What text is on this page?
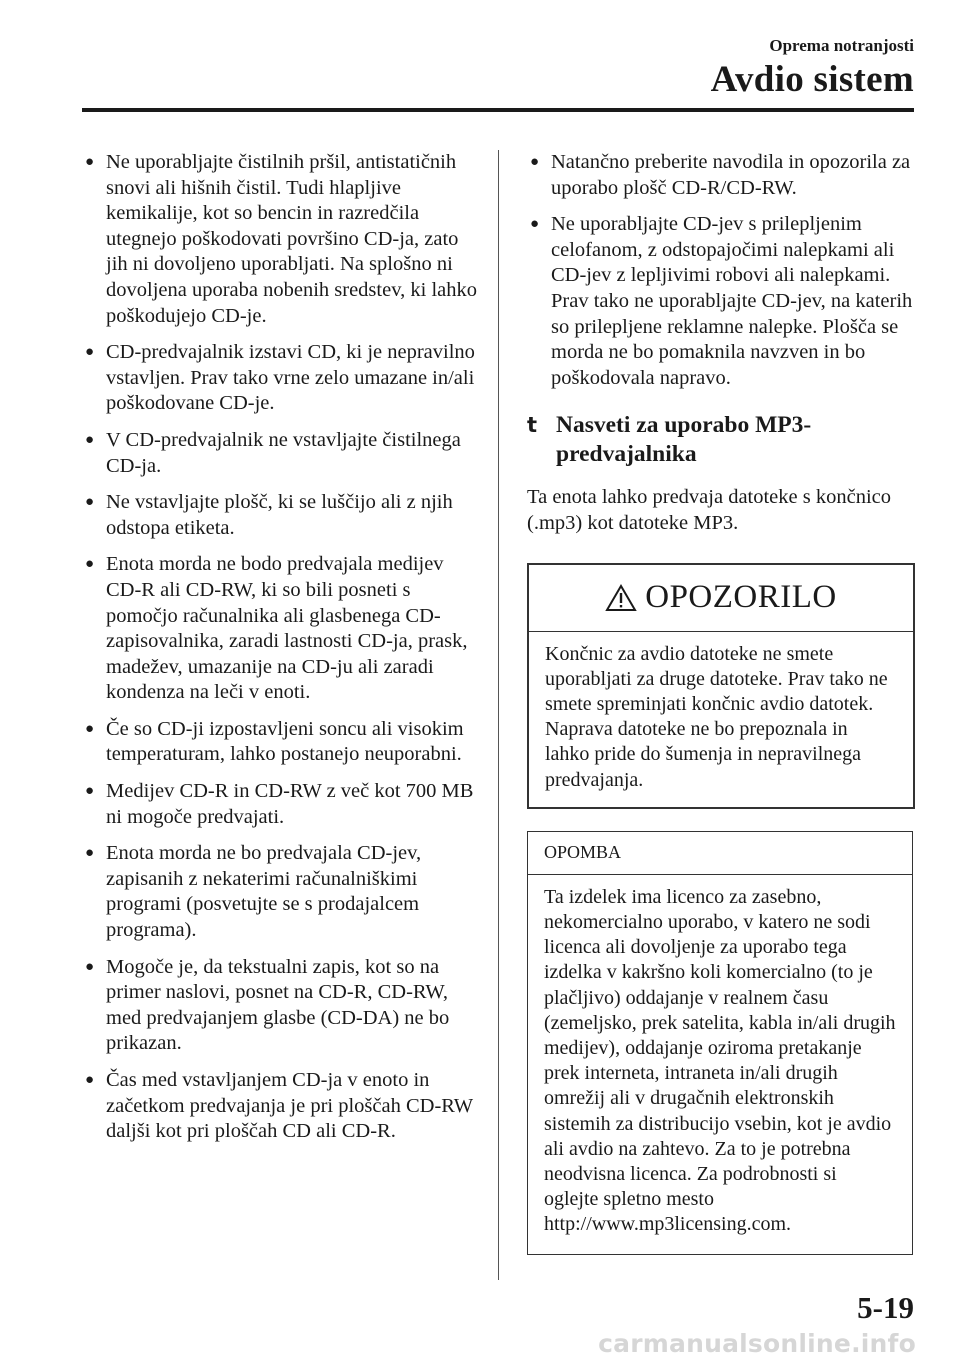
Oprema notranjosti
Avdio sistem
● Ne uporabljajte čistilnih pršil, antistatičnih snovi ali hišnih čistil. Tudi hlapljive kemikalije, kot so bencin in razredčila utegnejo poškodovati površino CD-ja, zato jih ni dovoljeno uporabljati. Na splošno ni dovoljena uporaba nobenih sredstev, ki lahko poškodujejo CD-je.
● CD-predvajalnik izstavi CD, ki je nepravilno vstavljen. Prav tako vrne zelo umazane in/ali poškodovane CD-je.
● V CD-predvajalnik ne vstavljajte čistilnega CD-ja.
● Ne vstavljajte plošč, ki se luščijo ali z njih odstopa etiketa.
● Enota morda ne bodo predvajala medijev CD-R ali CD-RW, ki so bili posneti s pomočjo računalnika ali glasbenega CD-zapisovalnika, zaradi lastnosti CD-ja, prask, madežev, umazanije na CD-ju ali zaradi kondenza na leči v enoti.
● Če so CD-ji izpostavljeni soncu ali visokim temperaturam, lahko postanejo neuporabni.
● Medijev CD-R in CD-RW z več kot 700 MB ni mogoče predvajati.
● Enota morda ne bo predvajala CD-jev, zapisanih z nekaterimi računalniškimi programi (posvetujte se s prodajalcem programa).
● Mogoče je, da tekstualni zapis, kot so na primer naslovi, posnet na CD-R, CD-RW, med predvajanjem glasbe (CD-DA) ne bo prikazan.
● Čas med vstavljanjem CD-ja v enoto in začetkom predvajanja je pri ploščah CD-RW daljši kot pri ploščah CD ali CD-R.
● Natančno preberite navodila in opozorila za uporabo plošč CD-R/CD-RW.
● Ne uporabljajte CD-jev s prilepljenim celofanom, z odstopajočimi nalepkami ali CD-jev z lepljivimi robovi ali nalepkami. Prav tako ne uporabljajte CD-jev, na katerih so prilepljene reklamne nalepke. Plošča se morda ne bo pomaknila navzven in bo poškodovala napravo.
t Nasveti za uporabo MP3-predvajalnika
Ta enota lahko predvaja datoteke s končnico (.mp3) kot datoteke MP3.
OPOZORILO
Končnic za avdio datoteke ne smete uporabljati za druge datoteke. Prav tako ne smete spreminjati končnic avdio datotek. Naprava datoteke ne bo prepoznala in lahko pride do šumenja in nepravilnega predvajanja.
OPOMBA
Ta izdelek ima licenco za zasebno, nekomercialno uporabo, v katero ne sodi licenca ali dovoljenje za uporabo tega izdelka v kakršno koli komercialno (to je plačljivo) oddajanje v realnem času (zemeljsko, prek satelita, kabla in/ali drugih medijev), oddajanje oziroma pretakanje prek interneta, intraneta in/ali drugih omrežij ali v drugačnih elektronskih sistemih za distribucijo vsebin, kot je avdio ali avdio na zahtevo. Za to je potrebna neodvisna licenca. Za podrobnosti si oglejte spletno mesto http://www.mp3licensing.com.
5-19
carmanualsonline.info
